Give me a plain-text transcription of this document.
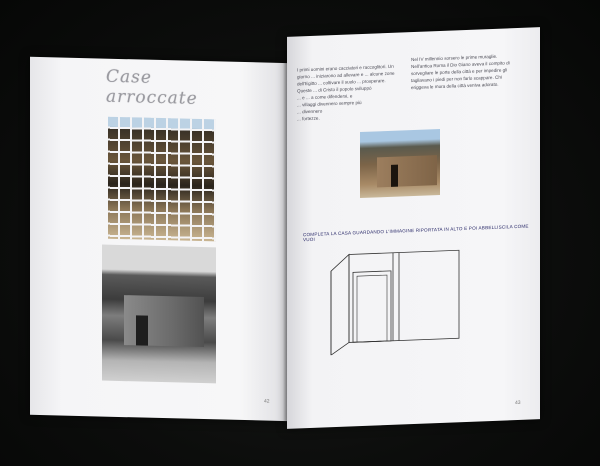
Case arroccate
42
I primi uomini erano cacciatori e raccoglitori. Un
giorno ... iniziarono ad allevare e ... alcune zone
dell'Egitto ... coltivare il suolo ... prosperare.
Queste ... di Cristo il popolo sviluppò
... e ... a come difendersi, e
... villaggi divennero sempre più
... divennero
... fortezze.
Nel IV millennio sorsero le prime muraglie.
Nell'antica Roma il Dio Giano aveva il compito di
sorvegliare le porte della città e per impedire gli
tagliavano i piedi per non farlo scappare. Chi
eriggeva le mura della città veniva adorato.
COMPLETA LA CASA GUARDANDO L'IMMAGINE RIPORTATA IN ALTO E POI ABBELLISCILA COME VUOI
43
